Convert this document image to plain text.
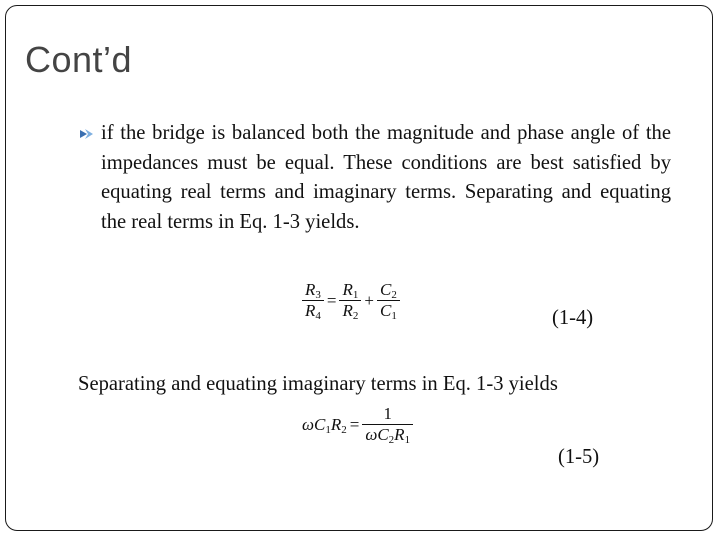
Cont’d
if the bridge is balanced both the magnitude and phase angle of the impedances must be equal. These conditions are best satisfied by equating real terms and imaginary terms. Separating and equating the real terms in Eq. 1-3 yields.
$\frac{R_3}{R_4} = \frac{R_1}{R_2} + \frac{C_2}{C_1}$	(1-4)
Separating and equating imaginary terms in Eq. 1-3 yields
$\omega C_1R_2 = \frac{1}{\omega C_2R_1}$
(1-5)
